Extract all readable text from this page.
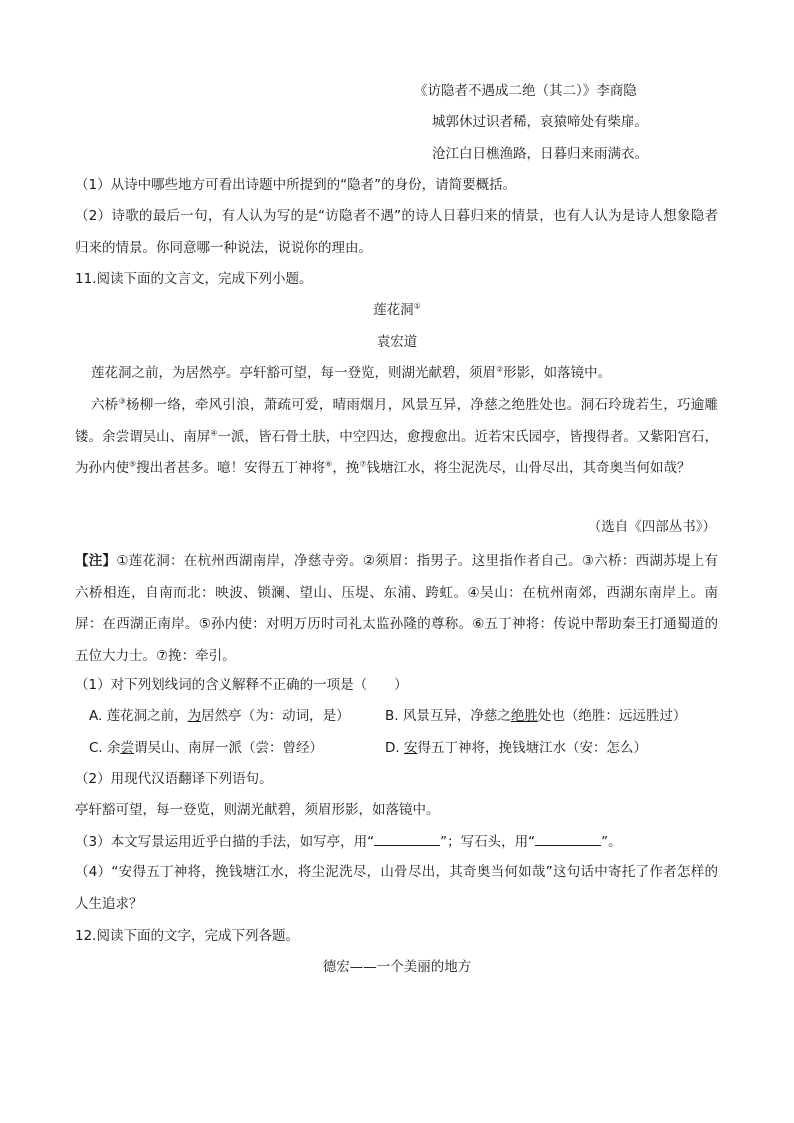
《访隐者不遇成二绝（其二）》李商隐
城郭休过识者稀，哀猿啼处有柴扉。
沧江白日樵渔路，日暮归来雨满衣。
（1）从诗中哪些地方可看出诗题中所提到的“隐者”的身份，请简要概括。
（2）诗歌的最后一句，有人认为写的是“访隐者不遇”的诗人日暮归来的情景，也有人认为是诗人想象隐者归来的情景。你同意哪一种说法，说说你的理由。
11.阅读下面的文言文，完成下列小题。
莲花洞①
袁宏道
莲花洞之前，为居然亭。亭轩豁可望，每一登览，则湖光献碧，须眉②形影，如落镜中。
六桥③杨柳一络，牵风引浪，萧疏可爱，晴雨烟月，风景互异，净慈之绝胜处也。洞石玲珑若生，巧逾雕镂。余尝谓吴山、南屏④一派，皆石骨土肤，中空四达，愈搜愈出。近若宋氏园亭，皆搜得者。又紫阳宫石，为孙内使⑤搜出者甚多。噫！安得五丁神将⑥，挽⑦钱塘江水，将尘泥洗尽，山骨尽出，其奇奥当何如哉？
（选自《四部丛书》）
【注】①莲花洞：在杭州西湖南岸，净慈寺旁。②须眉：指男子。这里指作者自己。③六桥：西湖苏堤上有六桥相连，自南而北：映波、锁澜、望山、压堤、东浦、跨虹。④吴山：在杭州南郊，西湖东南岸上。南屏：在西湖正南岸。⑤孙内使：对明万历时司礼太监孙隆的尊称。⑥五丁神将：传说中帮助秦王打通蜀道的五位大力士。⑦挽：牵引。
（1）对下列划线词的含义解释不正确的一项是（　　）
A. 莲花洞之前，为居然亭（为：动词，是）	B. 风景互异，净慈之绝胜处也（绝胜：远远胜过）
C. 余尝谓吴山、南屏一派（尝：曾经）	D. 安得五丁神将，挽钱塘江水（安：怎么）
（2）用现代汉语翻译下列语句。
亭轩豁可望，每一登览，则湖光献碧，须眉形影，如落镜中。
（3）本文写景运用近乎白描的手法，如写亭，用“	”；写石头，用“	”。
（4）“安得五丁神将，挽钱塘江水，将尘泥洗尽，山骨尽出，其奇奥当何如哉”这句话中寄托了作者怎样的人生追求？
12.阅读下面的文字，完成下列各题。
德宏——一个美丽的地方
